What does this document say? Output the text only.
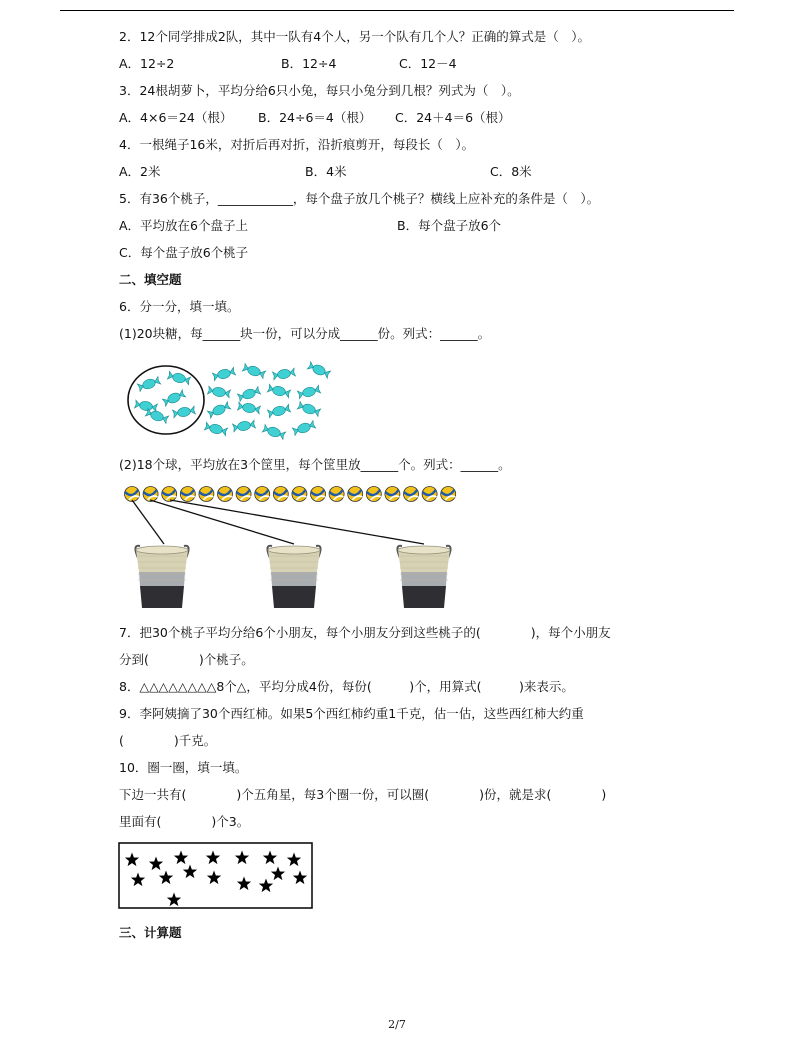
2．12个同学排成2队，其中一队有4个人，另一个队有几个人？正确的算式是（　）。
A．12÷2	B．12÷4	C．12－4
3．24根胡萝卜，平均分给6只小兔，每只小兔分到几根？列式为（　）。
A．4×6＝24（根） B．24÷6＝4（根） C．24＋4＝6（根）
4．一根绳子16米，对折后再对折，沿折痕剪开，每段长（　）。
A．2米	B．4米	C．8米
5．有36个桃子，____________，每个盘子放几个桃子？横线上应补充的条件是（　）。
A．平均放在6个盘子上	B．每个盘子放6个
C．每个盘子放6个桃子
二、填空题
6．分一分，填一填。
(1)20块糖，每______块一份，可以分成______份。列式：______。
(2)18个球，平均放在3个筐里，每个筐里放______个。列式：______。
7．把30个桃子平均分给6个小朋友，每个小朋友分到这些桃子的(　　　　)，每个小朋友
分到(　　　　)个桃子。
8．△△△△△△△△8个△，平均分成4份，每份(　　　)个，用算式(　　　)来表示。
9．李阿姨摘了30个西红柿。如果5个西红柿约重1千克，估一估，这些西红柿大约重
(　　　　)千克。
10．圈一圈，填一填。
下边一共有(　　　　)个五角星，每3个圈一份，可以圈(　　　　)份，就是求(　　　　)
里面有(　　　　)个3。
三、计算题
2/7
